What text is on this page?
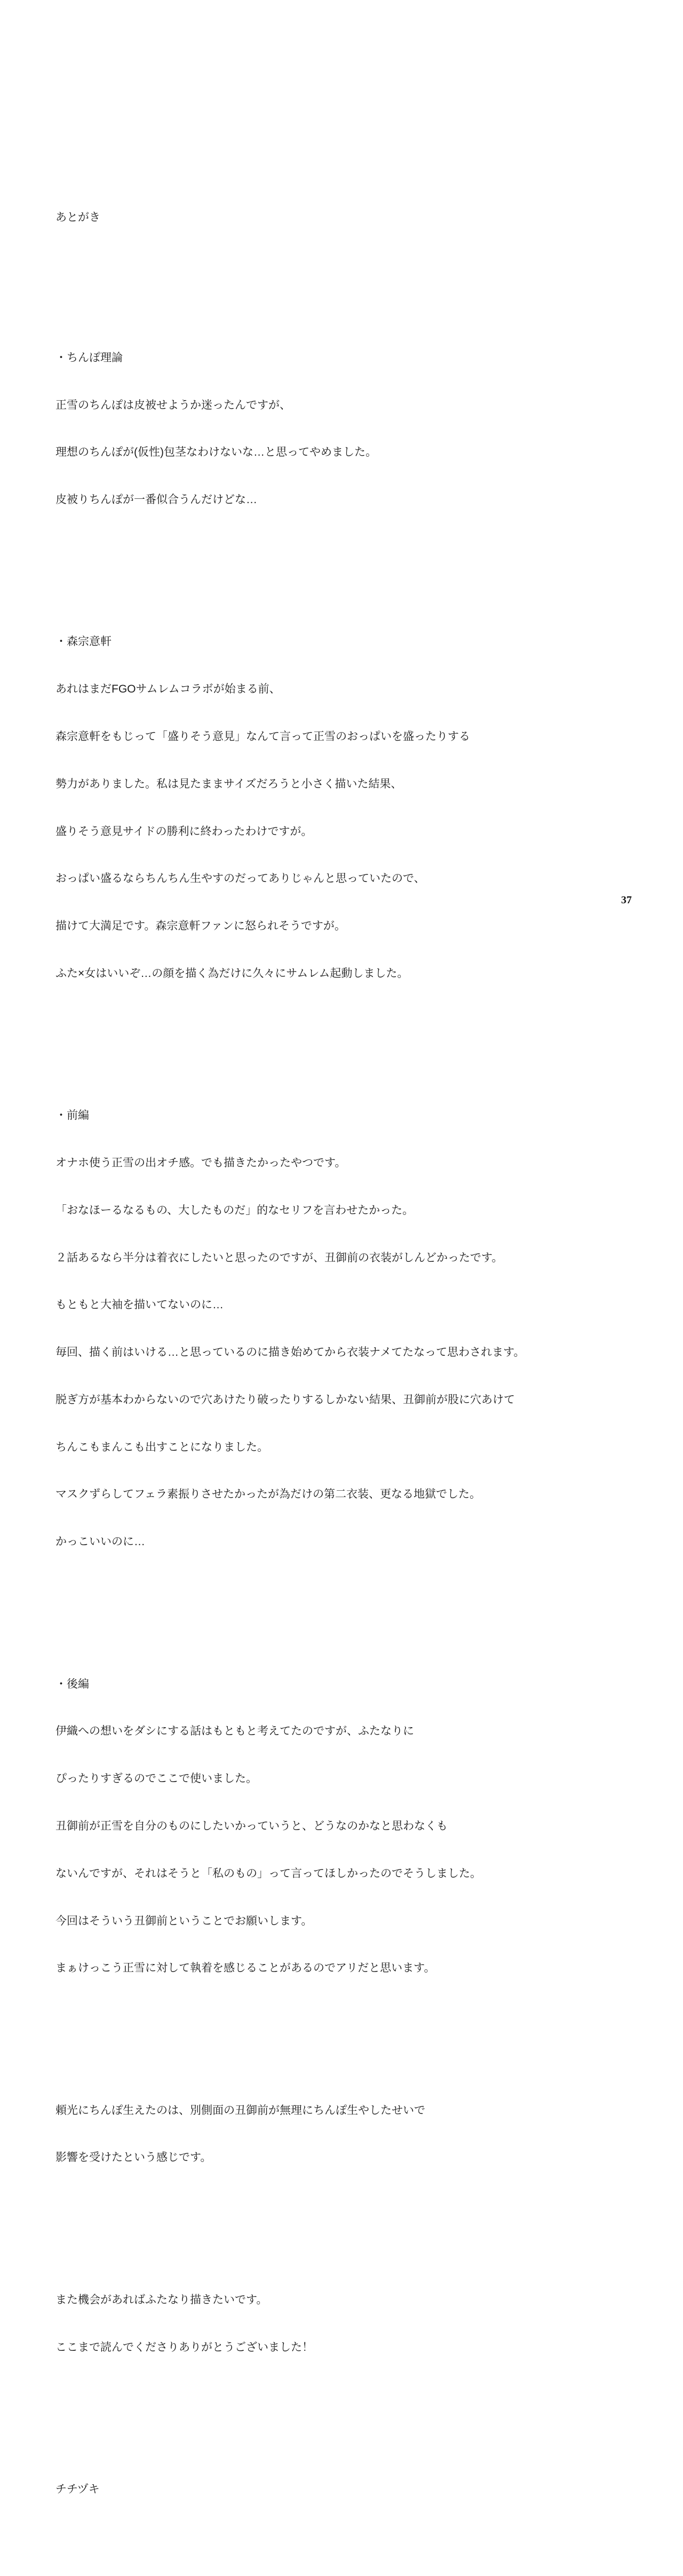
あとがき

・ちんぽ理論

正雪のちんぽは皮被せようか迷ったんですが、

理想のちんぽが(仮性)包茎なわけないな…と思ってやめました。

皮被りちんぽが一番似合うんだけどな…

・森宗意軒

あれはまだFGOサムレムコラボが始まる前、

森宗意軒をもじって「盛りそう意見」なんて言って正雪のおっぱいを盛ったりする

勢力がありました。私は見たままサイズだろうと小さく描いた結果、

盛りそう意見サイドの勝利に終わったわけですが。

おっぱい盛るならちんちん生やすのだってありじゃんと思っていたので、

描けて大満足です。森宗意軒ファンに怒られそうですが。

ふた×女はいいぞ…の顔を描く為だけに久々にサムレム起動しました。

・前編

オナホ使う正雪の出オチ感。でも描きたかったやつです。

「おなほーるなるもの、大したものだ」的なセリフを言わせたかった。

２話あるなら半分は着衣にしたいと思ったのですが、丑御前の衣装がしんどかったです。

もともと大袖を描いてないのに…

毎回、描く前はいける…と思っているのに描き始めてから衣装ナメてたなって思わされます。

脱ぎ方が基本わからないので穴あけたり破ったりするしかない結果、丑御前が股に穴あけて

ちんこもまんこも出すことになりました。

マスクずらしてフェラ素振りさせたかったが為だけの第二衣装、更なる地獄でした。

かっこいいのに…

・後編

伊織への想いをダシにする話はもともと考えてたのですが、ふたなりに

ぴったりすぎるのでここで使いました。

丑御前が正雪を自分のものにしたいかっていうと、どうなのかなと思わなくも

ないんですが、それはそうと「私のもの」って言ってほしかったのでそうしました。

今回はそういう丑御前ということでお願いします。

まぁけっこう正雪に対して執着を感じることがあるのでアリだと思います。

頼光にちんぽ生えたのは、別側面の丑御前が無理にちんぽ生やしたせいで

影響を受けたという感じです。

また機会があればふたなり描きたいです。

ここまで読んでくださりありがとうございました！

チチヅキ

37
